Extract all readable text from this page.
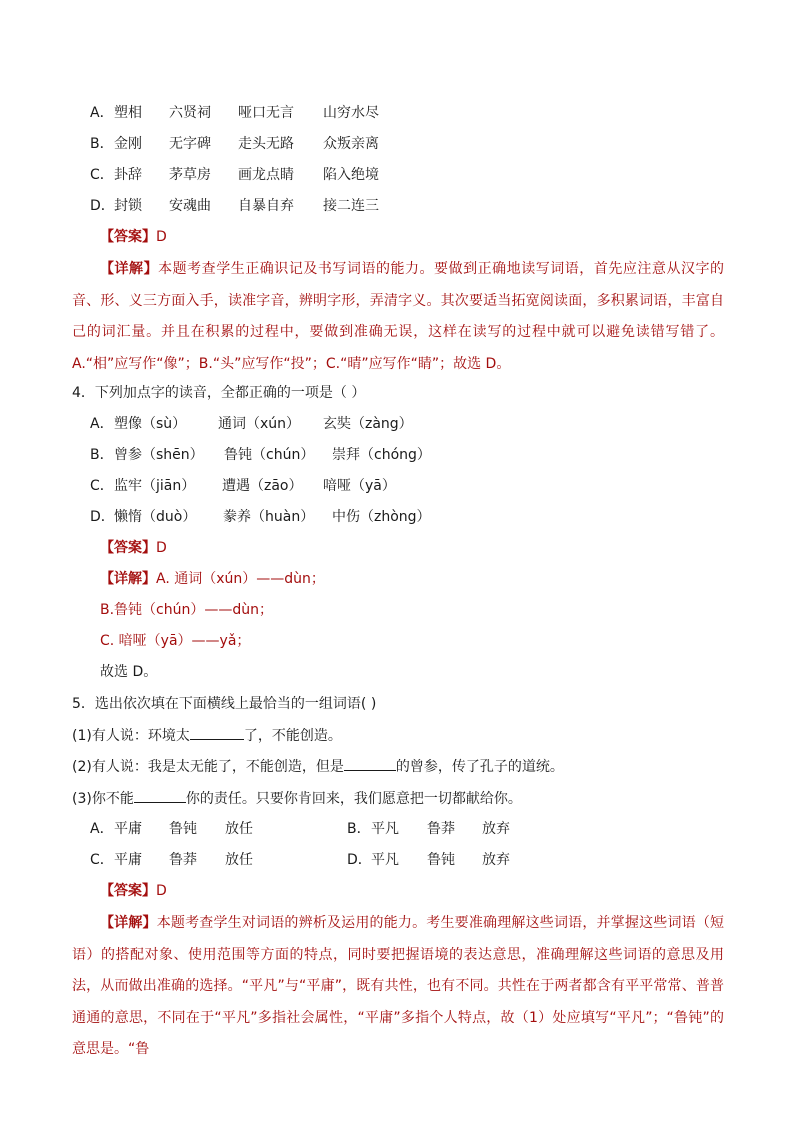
A． 塑相 六贤祠 哑口无言 山穷水尽
B． 金刚 无字碑 走头无路 众叛亲离
C． 卦辞 茅草房 画龙点睛 陷入绝境
D． 封锁 安魂曲 自暴自弃 接二连三
【答案】D
【详解】本题考查学生正确识记及书写词语的能力。要做到正确地读写词语，首先应注意从汉字的音、形、义三方面入手，读准字音，辨明字形，弄清字义。其次要适当拓宽阅读面，多积累词语，丰富自己的词汇量。并且在积累的过程中，要做到准确无误，这样在读写的过程中就可以避免读错写错了。A.“相”应写作“像”；B.“头”应写作“投”；C.“晴”应写作“睛”；故选 D。
4．下列加点字的读音，全都正确的一项是（ ）
A． 塑像（sù） 通词（xún） 玄奘（zàng）
B． 曾参（shēn） 鲁钝（chún） 崇拜（chóng）
C． 监牢（jiān） 遭遇（zāo） 喑哑（yā）
D． 懒惰（duò） 豢养（huàn） 中伤（zhòng）
【答案】D
【详解】A. 通词（xún）——dùn；
B.鲁钝（chún）——dùn；
C. 喑哑（yā）——yǎ；
故选 D。
5．选出依次填在下面横线上最恰当的一组词语( )
(1)有人说：环境太	了，不能创造。
(2)有人说：我是太无能了，不能创造，但是	的曾参，传了孔子的道统。
(3)你不能	你的责任。只要你肯回来，我们愿意把一切都献给你。
A． 平庸 鲁钝 放任	B． 平凡 鲁莽 放弃
C． 平庸 鲁莽 放任	D． 平凡 鲁钝 放弃
【答案】D
【详解】本题考查学生对词语的辨析及运用的能力。考生要准确理解这些词语，并掌握这些词语（短语）的搭配对象、使用范围等方面的特点，同时要把握语境的表达意思，准确理解这些词语的意思及用法，从而做出准确的选择。“平凡”与“平庸”，既有共性，也有不同。共性在于两者都含有平平常常、普普通通的意思，不同在于“平凡”多指社会属性，“平庸”多指个人特点，故（1）处应填写“平凡”；“鲁钝”的意思是。“鲁
